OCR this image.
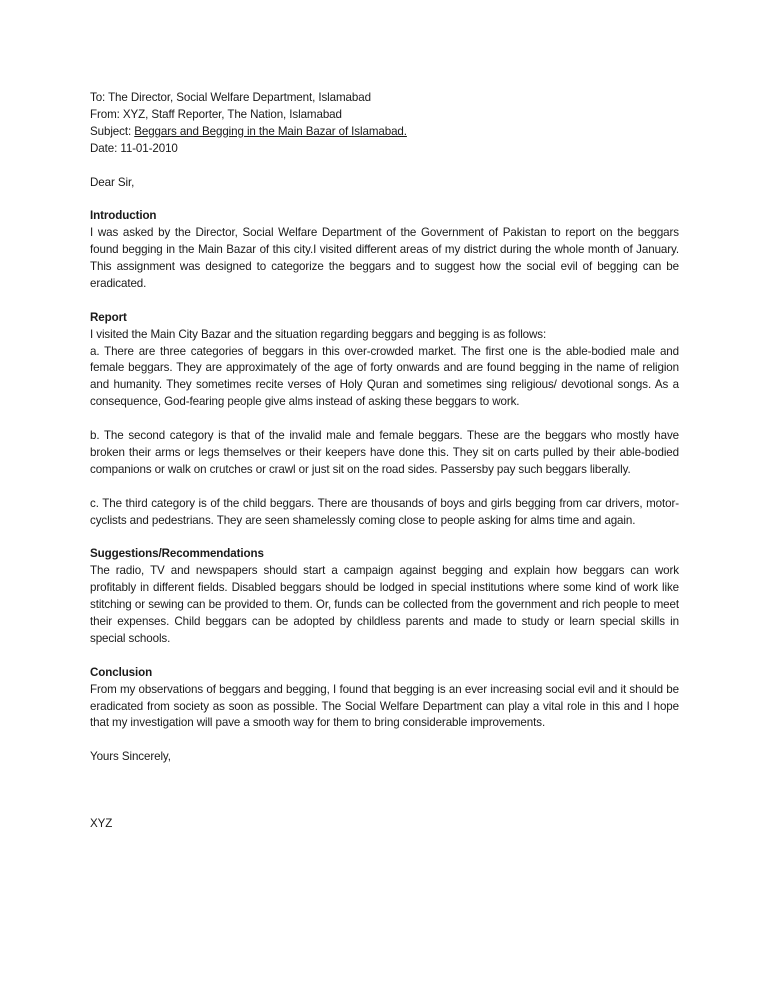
To: The Director, Social Welfare Department, Islamabad
From: XYZ, Staff Reporter, The Nation, Islamabad
Subject: Beggars and Begging in the Main Bazar of Islamabad.
Date: 11-01-2010
Dear Sir,
Introduction
I was asked by the Director, Social Welfare Department of the Government of Pakistan to report on the beggars found begging in the Main Bazar of this city.I visited different areas of my district during the whole month of January. This assignment was designed to categorize the beggars and to suggest how the social evil of begging can be eradicated.
Report
I visited the Main City Bazar and the situation regarding beggars and begging is as follows:
a. There are three categories of beggars in this over-crowded market. The first one is the able-bodied male and female beggars. They are approximately of the age of forty onwards and are found begging in the name of religion and humanity. They sometimes recite verses of Holy Quran and sometimes sing religious/ devotional songs. As a consequence, God-fearing people give alms instead of asking these beggars to work.
b. The second category is that of the invalid male and female beggars. These are the beggars who mostly have broken their arms or legs themselves or their keepers have done this. They sit on carts pulled by their able-bodied companions or walk on crutches or crawl or just sit on the road sides. Passersby pay such beggars liberally.
c. The third category is of the child beggars. There are thousands of boys and girls begging from car drivers, motor-cyclists and pedestrians. They are seen shamelessly coming close to people asking for alms time and again.
Suggestions/Recommendations
The radio, TV and newspapers should start a campaign against begging and explain how beggars can work profitably in different fields. Disabled beggars should be lodged in special institutions where some kind of work like stitching or sewing can be provided to them. Or, funds can be collected from the government and rich people to meet their expenses. Child beggars can be adopted by childless parents and made to study or learn special skills in special schools.
Conclusion
From my observations of beggars and begging, I found that begging is an ever increasing social evil and it should be eradicated from society as soon as possible. The Social Welfare Department can play a vital role in this and I hope that my investigation will pave a smooth way for them to bring considerable improvements.
Yours Sincerely,
XYZ
